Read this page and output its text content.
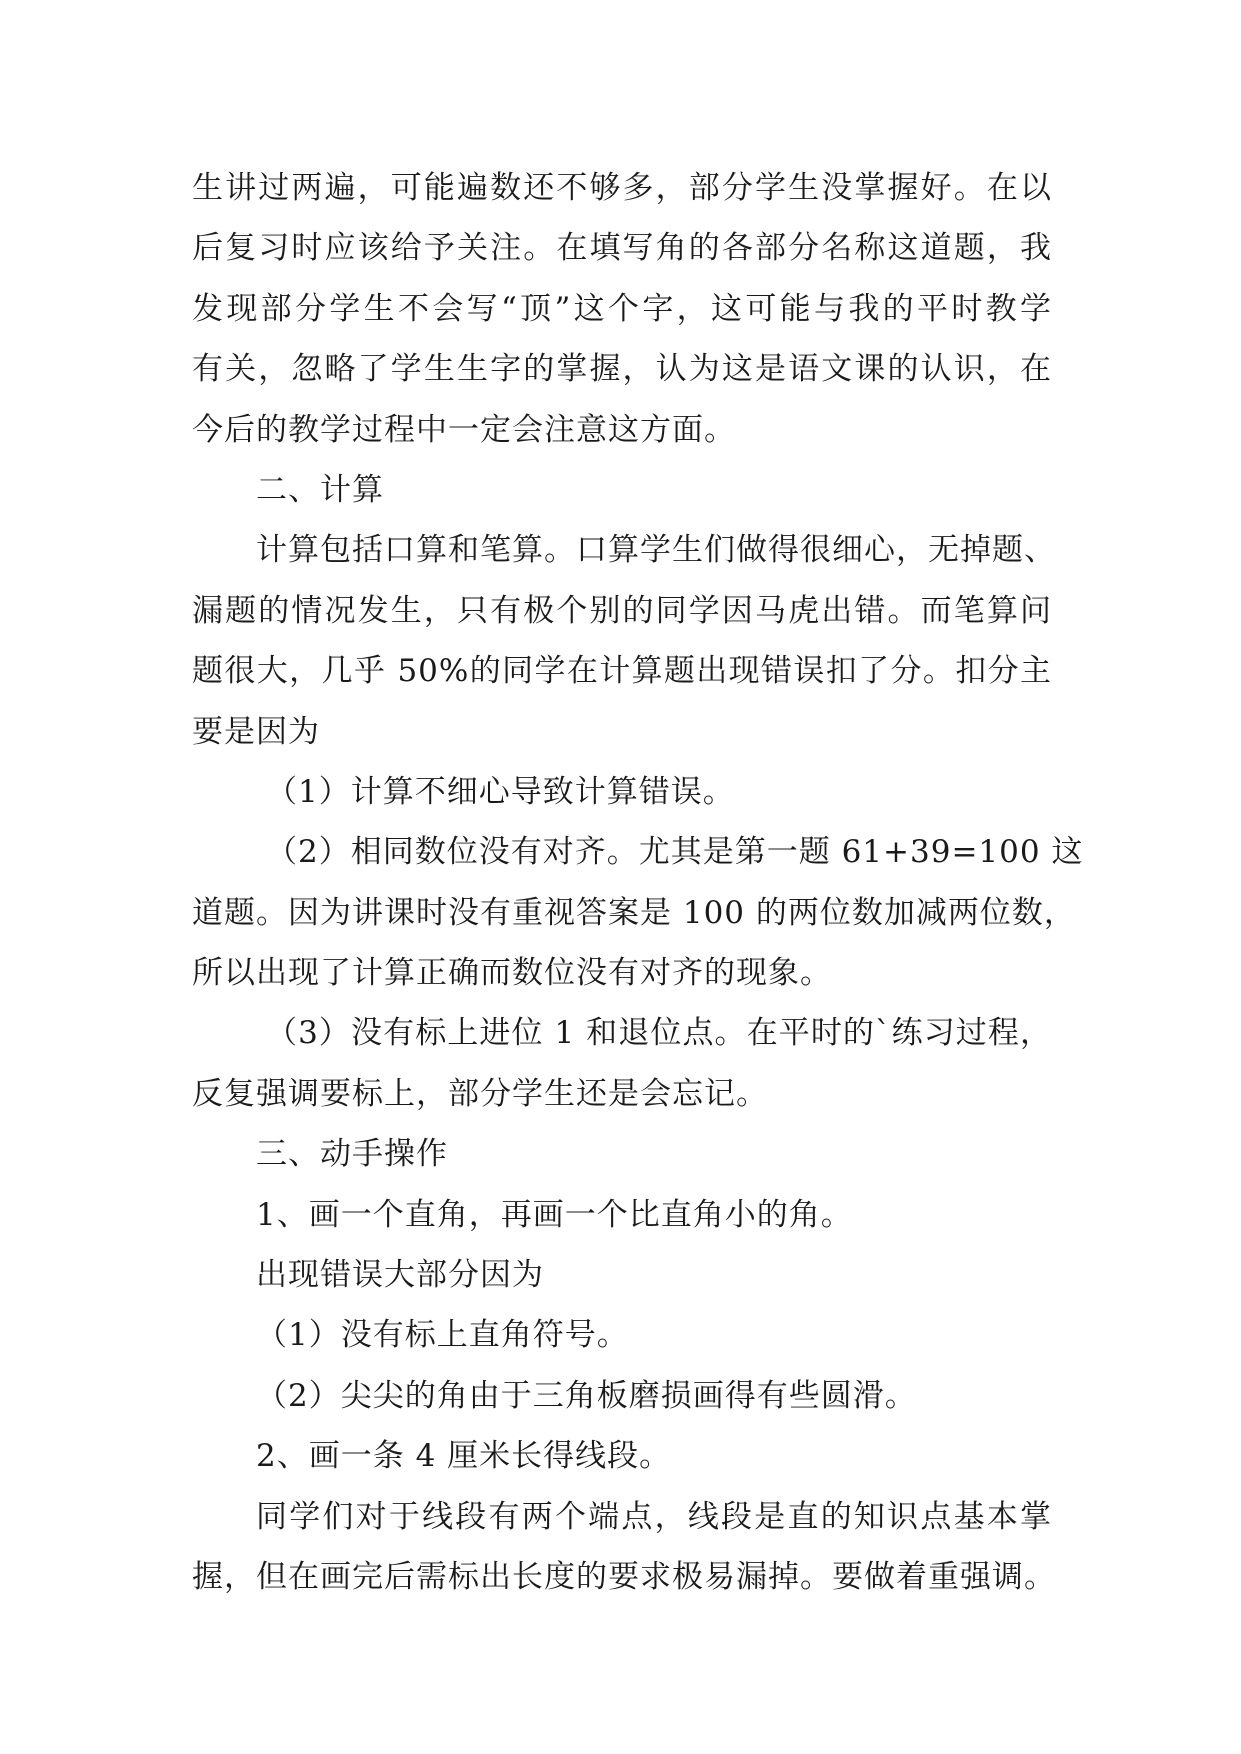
生讲过两遍，可能遍数还不够多，部分学生没掌握好。在以
后复习时应该给予关注。在填写角的各部分名称这道题，我
发现部分学生不会写“顶”这个字，这可能与我的平时教学
有关，忽略了学生生字的掌握，认为这是语文课的认识，在
今后的教学过程中一定会注意这方面。
二、计算
计算包括口算和笔算。口算学生们做得很细心，无掉题、
漏题的情况发生，只有极个别的同学因马虎出错。而笔算问
题很大，几乎 50%的同学在计算题出现错误扣了分。扣分主
要是因为
（1）计算不细心导致计算错误。
（2）相同数位没有对齐。尤其是第一题 61+39=100 这
道题。因为讲课时没有重视答案是 100 的两位数加减两位数，
所以出现了计算正确而数位没有对齐的现象。
（3）没有标上进位 1 和退位点。在平时的`练习过程，
反复强调要标上，部分学生还是会忘记。
三、动手操作
1、画一个直角，再画一个比直角小的角。
出现错误大部分因为
（1）没有标上直角符号。
（2）尖尖的角由于三角板磨损画得有些圆滑。
2、画一条 4 厘米长得线段。
同学们对于线段有两个端点，线段是直的知识点基本掌
握，但在画完后需标出长度的要求极易漏掉。要做着重强调。
